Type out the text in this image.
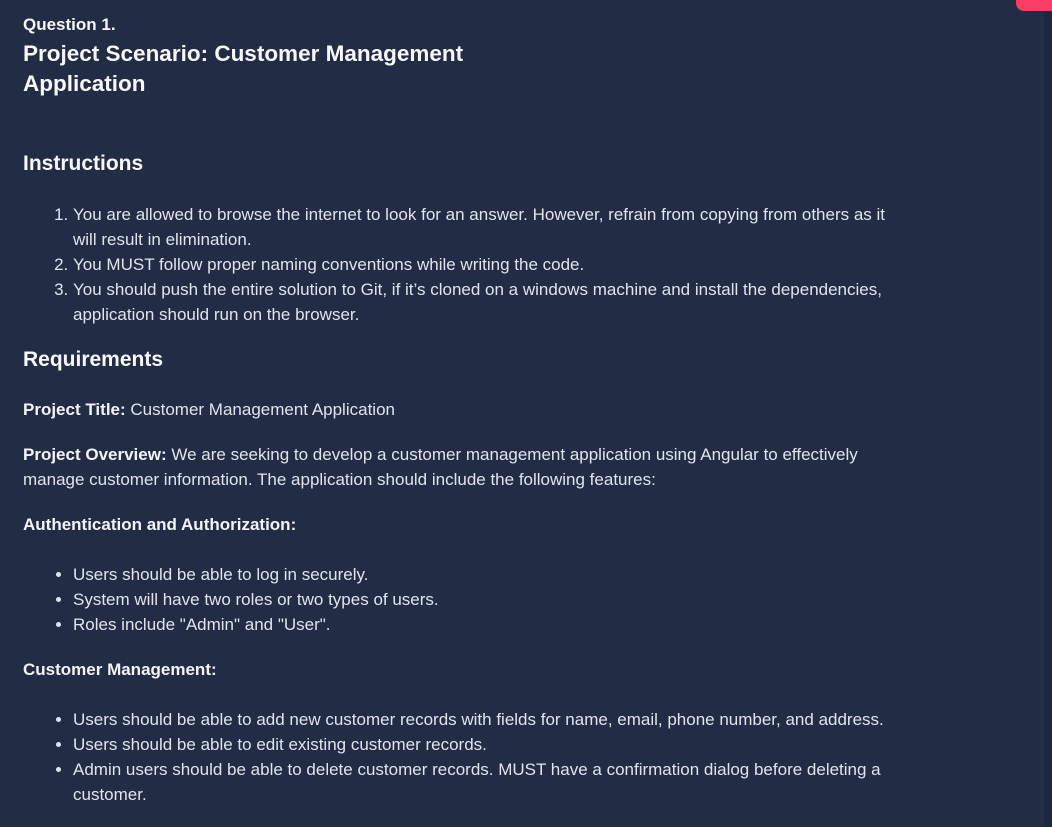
Question 1.

Project Scenario: Customer Management Application
Instructions
1. You are allowed to browse the internet to look for an answer. However, refrain from copying from others as it will result in elimination.
2. You MUST follow proper naming conventions while writing the code.
3. You should push the entire solution to Git, if it’s cloned on a windows machine and install the dependencies, application should run on the browser.
Requirements

Project Title: Customer Management Application

Project Overview: We are seeking to develop a customer management application using Angular to effectively manage customer information. The application should include the following features:

Authentication and Authorization:

• Users should be able to log in securely.
• System will have two roles or two types of users.
• Roles include "Admin" and "User".

Customer Management:

• Users should be able to add new customer records with fields for name, email, phone number, and address.
• Users should be able to edit existing customer records.
• Admin users should be able to delete customer records. MUST have a confirmation dialog before deleting a customer.
